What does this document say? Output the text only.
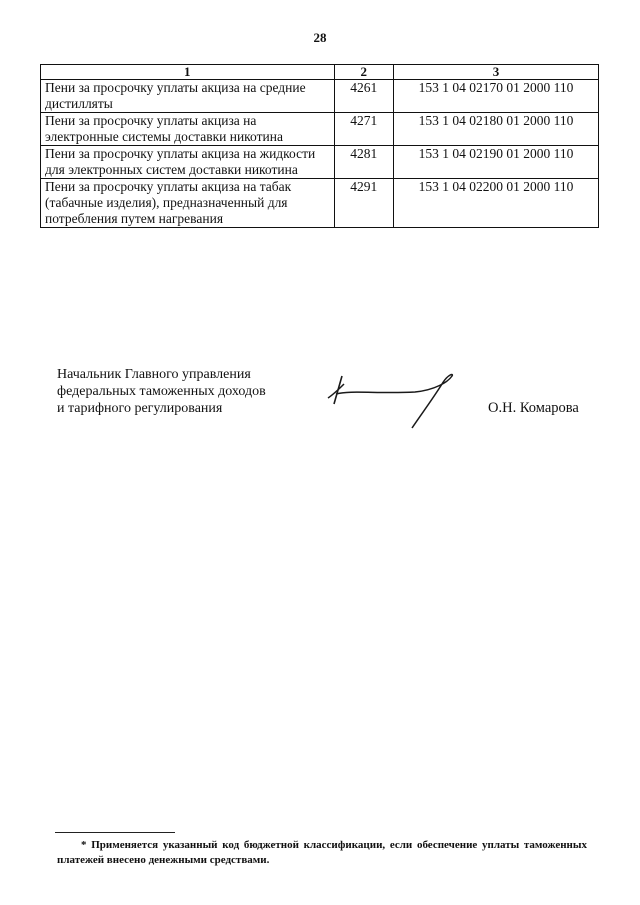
28
1	2	3
Пени за просрочку уплаты акциза на средние дистилляты	4261	153 1 04 02170 01 2000 110
Пени за просрочку уплаты акциза на электронные системы доставки никотина	4271	153 1 04 02180 01 2000 110
Пени за просрочку уплаты акциза на жидкости для электронных систем доставки никотина	4281	153 1 04 02190 01 2000 110
Пени за просрочку уплаты акциза на табак (табачные изделия), предназначенный для потребления путем нагревания	4291	153 1 04 02200 01 2000 110
Начальник Главного управления
федеральных таможенных доходов
и тарифного регулирования	О.Н. Комарова
* Применяется указанный код бюджетной классификации, если обеспечение уплаты таможенных платежей внесено денежными средствами.
